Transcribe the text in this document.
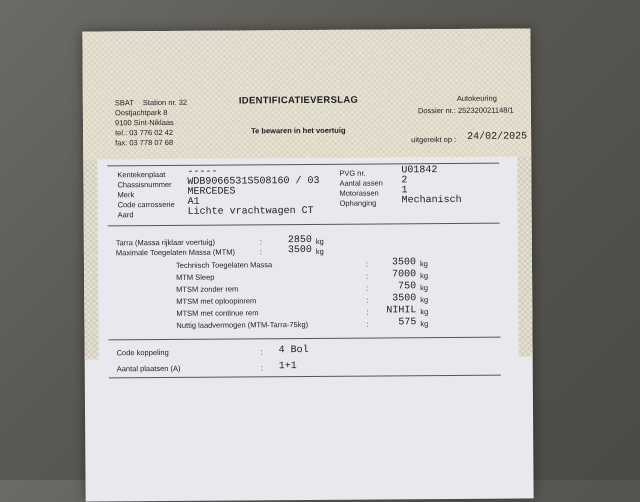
SBAT Station nr. 32
Oostjachtpark 8
9100 Sint-Niklaas
tel.: 03 776 02 42
fax: 03 778 07 68
IDENTIFICATIEVERSLAG
Te bewaren in het voertuig
Autokeuring
Dossier nr.: 252320021148/1
uitgereikt op : 24/02/2025
Kentekenplaat -----
Chassisnummer WDB9066531S508160 / 03
Merk	MERCEDES
Code carrosserie A1
Aard	Lichte vrachtwagen CT
PVG nr.	U01842
Aantal assen 2
Motorassen 1
Ophanging	Mechanisch
Tarra (Massa rijklaar voertuig)	:	2850 kg
Maximale Toegelaten Massa (MTM)	:	3500 kg
Technisch Toegelaten Massa	:	3500 kg
MTM Sleep	:	7000 kg
MTSM zonder rem	:	750 kg
MTSM met oploopinrem	:	3500 kg
MTSM met continue rem	: NIHIL kg
Nuttig laadvermogen (MTM-Tarra-75kg)	:	575 kg
Code koppeling	: 4 Bol
Aantal plaatsen (A)	: 1+1
